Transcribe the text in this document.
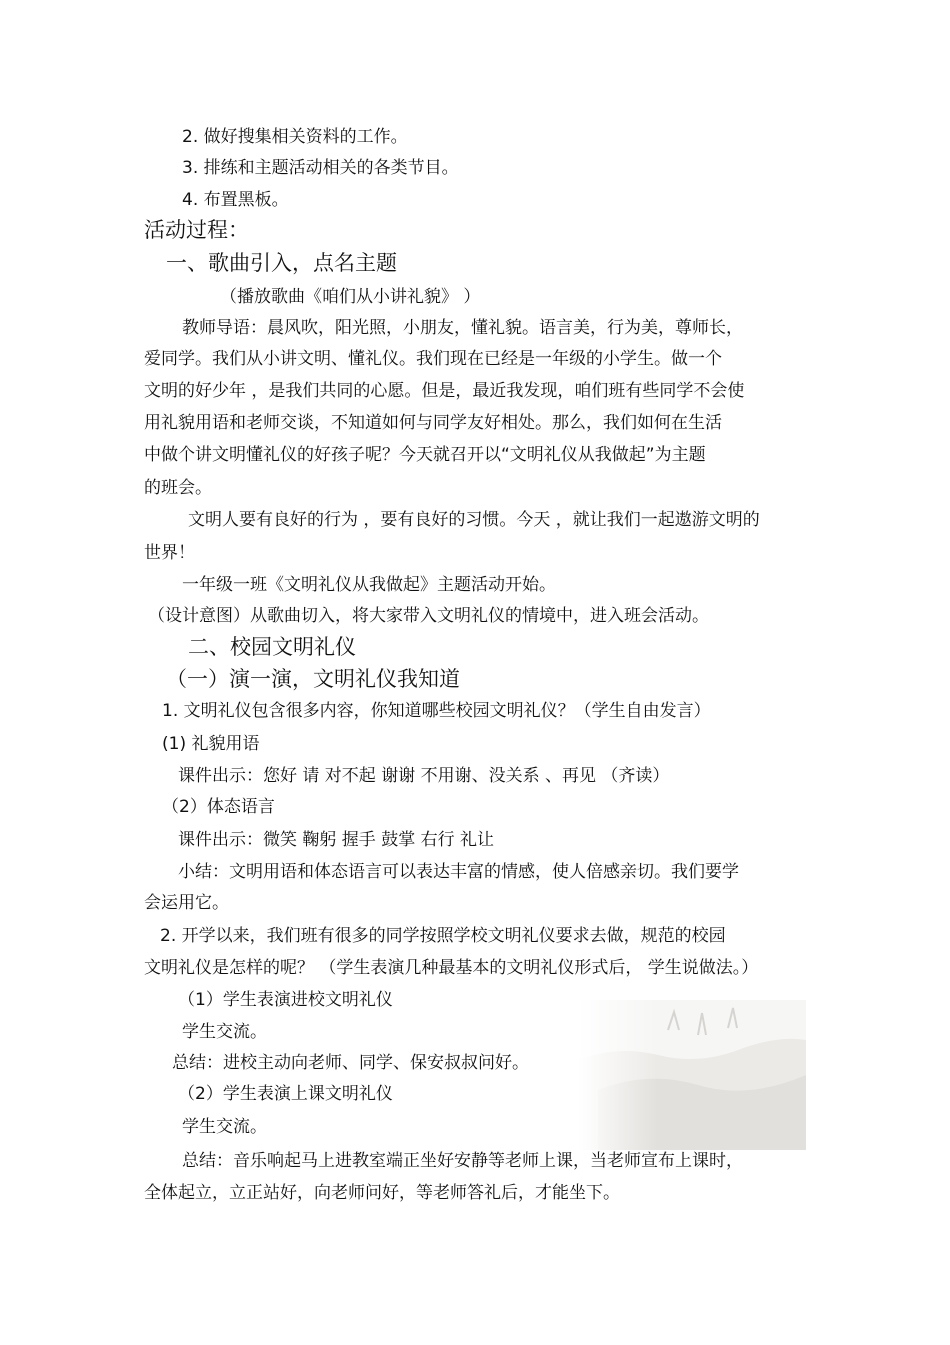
2. 做好搜集相关资料的工作。
3. 排练和主题活动相关的各类节目。
4. 布置黑板。
活动过程：
一、歌曲引入，点名主题
（播放歌曲《咱们从小讲礼貌》 ）
教师导语：晨风吹，阳光照，小朋友，懂礼貌。语言美，行为美，尊师长，
爱同学。我们从小讲文明、懂礼仪。我们现在已经是一年级的小学生。做一个
文明的好少年 ，是我们共同的心愿。但是，最近我发现，咱们班有些同学不会使
用礼貌用语和老师交谈，不知道如何与同学友好相处。那么，我们如何在生活
中做个讲文明懂礼仪的好孩子呢？今天就召开以“文明礼仪从我做起”为主题
的班会。
文明人要有良好的行为 ，要有良好的习惯。今天 ，就让我们一起遨游文明的
世界！
一年级一班《文明礼仪从我做起》主题活动开始。
（设计意图）从歌曲切入，将大家带入文明礼仪的情境中，进入班会活动。
二、校园文明礼仪
（一）演一演，文明礼仪我知道
1. 文明礼仪包含很多内容，你知道哪些校园文明礼仪？（学生自由发言）
(1) 礼貌用语
课件出示：您好 请 对不起 谢谢 不用谢、没关系 、再见 （齐读）
（2）体态语言
课件出示：微笑 鞠躬 握手 鼓掌 右行 礼让
小结：文明用语和体态语言可以表达丰富的情感，使人倍感亲切。我们要学
会运用它。
2. 开学以来，我们班有很多的同学按照学校文明礼仪要求去做，规范的校园
文明礼仪是怎样的呢？ （学生表演几种最基本的文明礼仪形式后， 学生说做法。）
（1）学生表演进校文明礼仪
学生交流。
总结：进校主动向老师、同学、保安叔叔问好。
（2）学生表演上课文明礼仪
学生交流。
总结：音乐响起马上进教室端正坐好安静等老师上课，当老师宣布上课时，
全体起立，立正站好，向老师问好，等老师答礼后，才能坐下。
